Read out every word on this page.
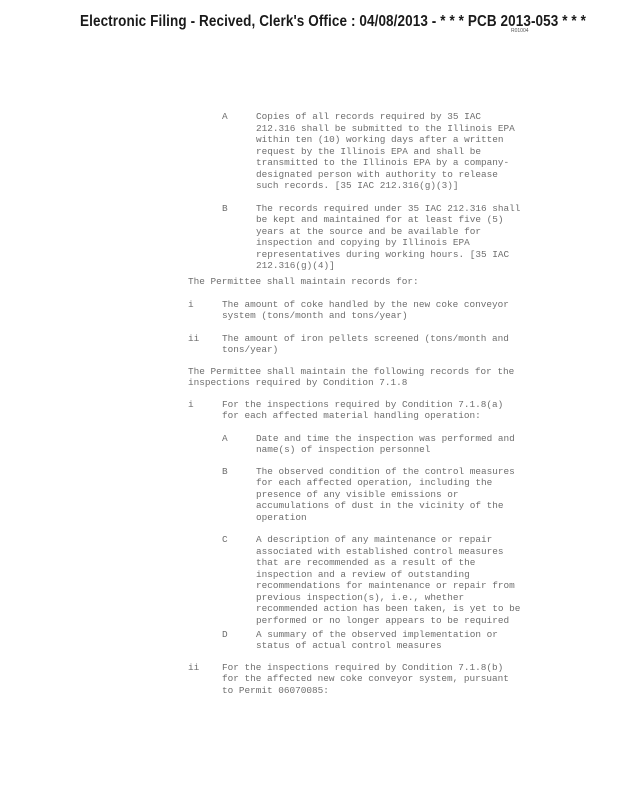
Electronic Filing - Recived, Clerk's Office : 04/08/2013 - * * * PCB 2013-053 * * *
R01004
A	Copies of all records required by 35 IAC
212.316 shall be submitted to the Illinois EPA
within ten (10) working days after a written
request by the Illinois EPA and shall be
transmitted to the Illinois EPA by a company-
designated person with authority to release
such records. [35 IAC 212.316(g)(3)]
B	The records required under 35 IAC 212.316 shall
be kept and maintained for at least five (5)
years at the source and be available for
inspection and copying by Illinois EPA
representatives during working hours. [35 IAC
212.316(g)(4)]
The Permittee shall maintain records for:
i	The amount of coke handled by the new coke conveyor
system (tons/month and tons/year)
ii The amount of iron pellets screened (tons/month and
tons/year)
The Permittee shall maintain the following records for the
inspections required by Condition 7.1.8
i	For the inspections required by Condition 7.1.8(a)
for each affected material handling operation:
A	Date and time the inspection was performed and
name(s) of inspection personnel
B	The observed condition of the control measures
for each affected operation, including the
presence of any visible emissions or
accumulations of dust in the vicinity of the
operation
C	A description of any maintenance or repair
associated with established control measures
that are recommended as a result of the
inspection and a review of outstanding
recommendations for maintenance or repair from
previous inspection(s), i.e., whether
recommended action has been taken, is yet to be
performed or no longer appears to be required
D	A summary of the observed implementation or
status of actual control measures
ii For the inspections required by Condition 7.1.8(b)
for the affected new coke conveyor system, pursuant
to Permit 06070085:
